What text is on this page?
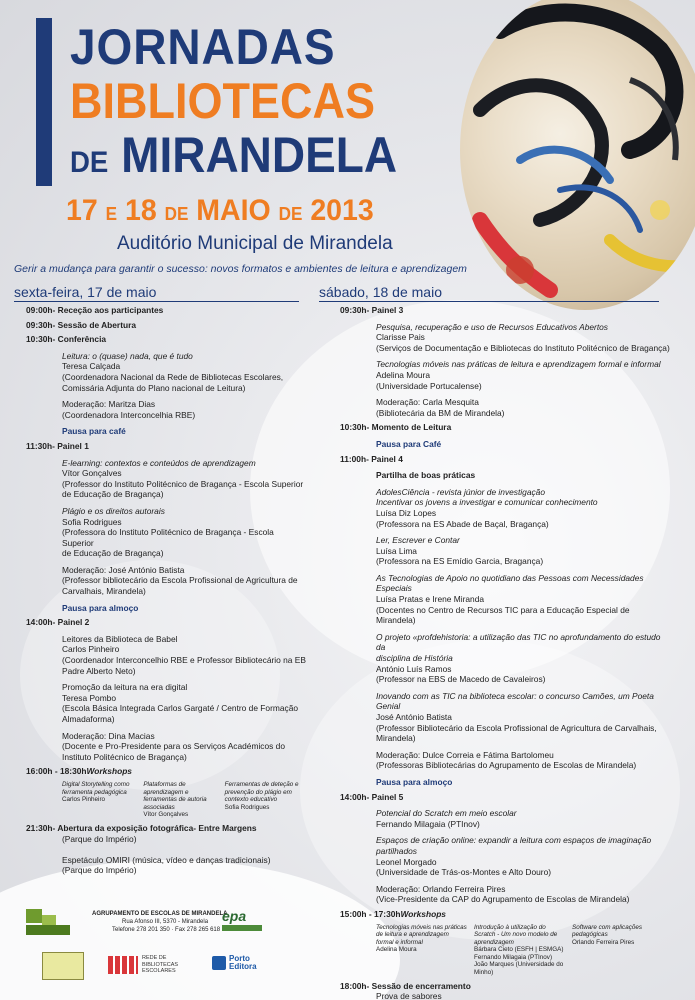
JORNADAS
BIBLIOTECAS
DE MIRANDELA
17 E 18 DE MAIO DE 2013
Auditório Municipal de Mirandela
Gerir a mudança para garantir o sucesso: novos formatos e ambientes de leitura e aprendizagem
sexta-feira, 17 de maio	sábado, 18 de maio
09:00h - Receção aos participantes
09:30h - Sessão de Abertura
10:30h - Conferência
Leitura: o (quase) nada, que é tudo
Teresa Calçada
(Coordenadora Nacional da Rede de Bibliotecas Escolares,
Comissária Adjunta do Plano nacional de Leitura)
Moderação: Maritza Dias
(Coordenadora Interconcelhia RBE)
Pausa para café
11:30h - Painel 1
E-learning: contextos e conteúdos de aprendizagem
Vítor Gonçalves
(Professor do Instituto Politécnico de Bragança - Escola Superior
de Educação de Bragança)
Plágio e os direitos autorais
Sofia Rodrigues
(Professora do Instituto Politécnico de Bragança - Escola Superior
de Educação de Bragança)
Moderação: José António Batista
(Professor bibliotecário da Escola Profissional de Agricultura de
Carvalhais, Mirandela)
Pausa para almoço
14:00h - Painel 2
Leitores da Biblioteca de Babel
Carlos Pinheiro
(Coordenador Interconcelhio RBE e Professor Bibliotecário na EB
Padre Alberto Neto)
Promoção da leitura na era digital
Teresa Pombo
(Escola Básica Integrada Carlos Gargaté / Centro de Formação
Almadaforma)
Moderação: Dina Macias
(Docente e Pro-Presidente para os Serviços Académicos do
Instituto Politécnico de Bragança)
16:00h - 18:30h Workshops
Digital Storytelling como ferramenta pedagógica
Carlos Pinheiro
Plataformas de aprendizagem e ferramentas de autoria associadas
Vítor Gonçalves
Ferramentas de deteção e prevenção do plágio em contexto educativo
Sofia Rodrigues
21:30h - Abertura da exposição fotográfica- Entre Margens
(Parque do Império)

Espetáculo OMIRI (música, vídeo e danças tradicionais)
(Parque do Império)
09:30h - Painel 3
Pesquisa, recuperação e uso de Recursos Educativos Abertos
Clarisse Pais
(Serviços de Documentação e Bibliotecas do Instituto Politécnico de Bragança)
Tecnologias móveis nas práticas de leitura e aprendizagem formal e informal
Adelina Moura
(Universidade Portucalense)
Moderação: Carla Mesquita
(Bibliotecária da BM de Mirandela)
10:30h - Momento de Leitura
Pausa para Café
11:00h - Painel 4
Partilha de boas práticas
AdolesCiência - revista júnior de investigação
Incentivar os jovens a investigar e comunicar conhecimento
Luísa Diz Lopes
(Professora na ES Abade de Baçal, Bragança)
Ler, Escrever e Contar
Luísa Lima
(Professora na ES Emídio Garcia, Bragança)
As Tecnologias de Apoio no quotidiano das Pessoas com Necessidades Especiais
Luísa Pratas e Irene Miranda
(Docentes no Centro de Recursos TIC para a Educação Especial de Mirandela)
O projeto «profdehistoria: a utilização das TIC no aprofundamento do estudo da
disciplina de História
António Luís Ramos
(Professor na EBS de Macedo de Cavaleiros)
Inovando com as TIC na biblioteca escolar: o concurso Camões, um Poeta Genial
José António Batista
(Professor Bibliotecário da Escola Profissional de Agricultura de Carvalhais,
Mirandela)
Moderação: Dulce Correia e Fátima Bartolomeu
(Professoras Bibliotecárias do Agrupamento de Escolas de Mirandela)
Pausa para almoço
14:00h - Painel 5
Potencial do Scratch em meio escolar
Fernando Milagaia (PTInov)
Espaços de criação online: expandir a leitura com espaços de imaginação
partilhados
Leonel Morgado
(Universidade de Trás-os-Montes e Alto Douro)
Moderação: Orlando Ferreira Pires
(Vice-Presidente da CAP do Agrupamento de Escolas de Mirandela)
15:00h - 17:30h Workshops
Tecnologias móveis nas práticas de leitura e aprendizagem formal e informal
Adelina Moura
Introdução à utilização do Scratch - Um novo modelo de aprendizagem
Bárbara Cieto (ESFH | ESMGA)
Fernando Milagaia (PTInov)
João Marques (Universidade do Minho)
Software com aplicações pedagógicas
Orlando Ferreira Pires
18:00h - Sessão de encerramento
Prova de sabores
AGRUPAMENTO DE ESCOLAS DE MIRANDELA
Rua Afonso III, 5370 - Mirandela
Telefone 278 201 350 · Fax 278 265 618
epa
REDE DE
BIBLIOTECAS
ESCOLARES
Porto
Editora
